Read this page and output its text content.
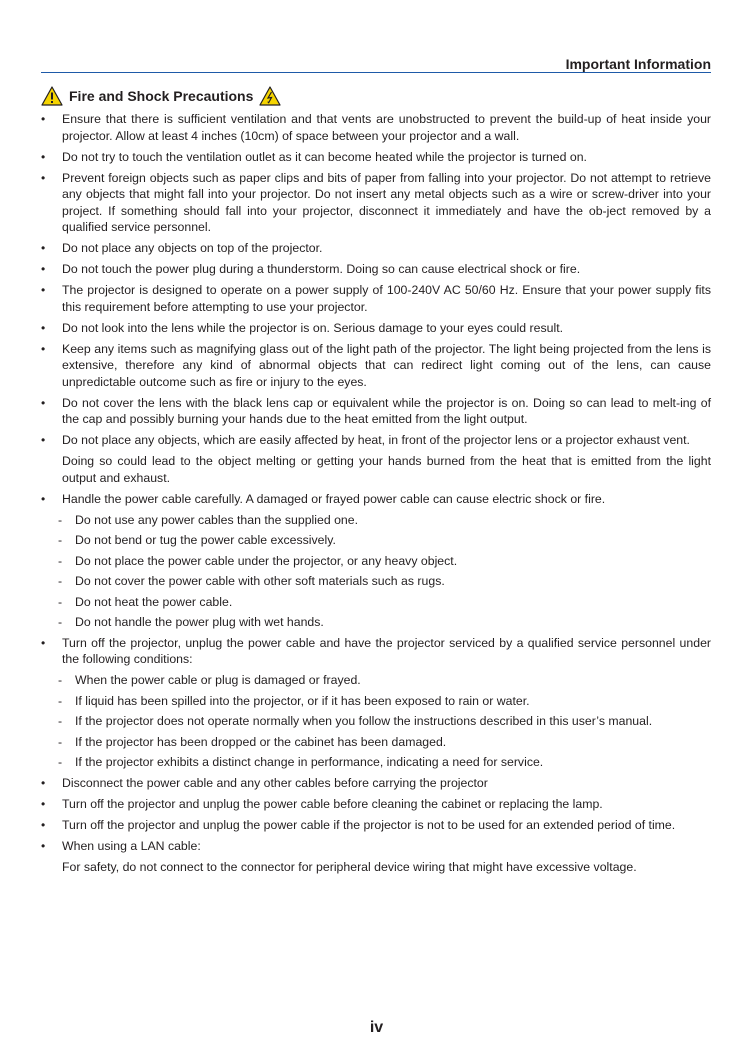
Important Information
Fire and Shock Precautions
•	Ensure that there is sufficient ventilation and that vents are unobstructed to prevent the build-up of heat inside your projector. Allow at least 4 inches (10cm) of space between your projector and a wall.
•	Do not try to touch the ventilation outlet as it can become heated while the projector is turned on.
•	Prevent foreign objects such as paper clips and bits of paper from falling into your projector. Do not attempt to retrieve any objects that might fall into your projector. Do not insert any metal objects such as a wire or screw-driver into your project. If something should fall into your projector, disconnect it immediately and have the ob-ject removed by a qualified service personnel.
•	Do not place any objects on top of the projector.
•	Do not touch the power plug during a thunderstorm. Doing so can cause electrical shock or fire.
•	The projector is designed to operate on a power supply of 100-240V AC 50/60 Hz. Ensure that your power supply fits this requirement before attempting to use your projector.
•	Do not look into the lens while the projector is on. Serious damage to your eyes could result.
•	Keep any items such as magnifying glass out of the light path of the projector. The light being projected from the lens is extensive, therefore any kind of abnormal objects that can redirect light coming out of the lens, can cause unpredictable outcome such as fire or injury to the eyes.
•	Do not cover the lens with the black lens cap or equivalent while the projector is on. Doing so can lead to melt-ing of the cap and possibly burning your hands due to the heat emitted from the light output.
•	Do not place any objects, which are easily affected by heat, in front of the projector lens or a projector exhaust vent.
Doing so could lead to the object melting or getting your hands burned from the heat that is emitted from the light output and exhaust.
•	Handle the power cable carefully. A damaged or frayed power cable can cause electric shock or fire.
- Do not use any power cables than the supplied one.
- Do not bend or tug the power cable excessively.
- Do not place the power cable under the projector, or any heavy object.
- Do not cover the power cable with other soft materials such as rugs.
- Do not heat the power cable.
- Do not handle the power plug with wet hands.
•	Turn off the projector, unplug the power cable and have the projector serviced by a qualified service personnel under the following conditions:
- When the power cable or plug is damaged or frayed.
- If liquid has been spilled into the projector, or if it has been exposed to rain or water.
- If the projector does not operate normally when you follow the instructions described in this user’s manual.
- If the projector has been dropped or the cabinet has been damaged.
- If the projector exhibits a distinct change in performance, indicating a need for service.
•	Disconnect the power cable and any other cables before carrying the projector
•	Turn off the projector and unplug the power cable before cleaning the cabinet or replacing the lamp.
•	Turn off the projector and unplug the power cable if the projector is not to be used for an extended period of time.
•	When using a LAN cable:
For safety, do not connect to the connector for peripheral device wiring that might have excessive voltage.
iv
